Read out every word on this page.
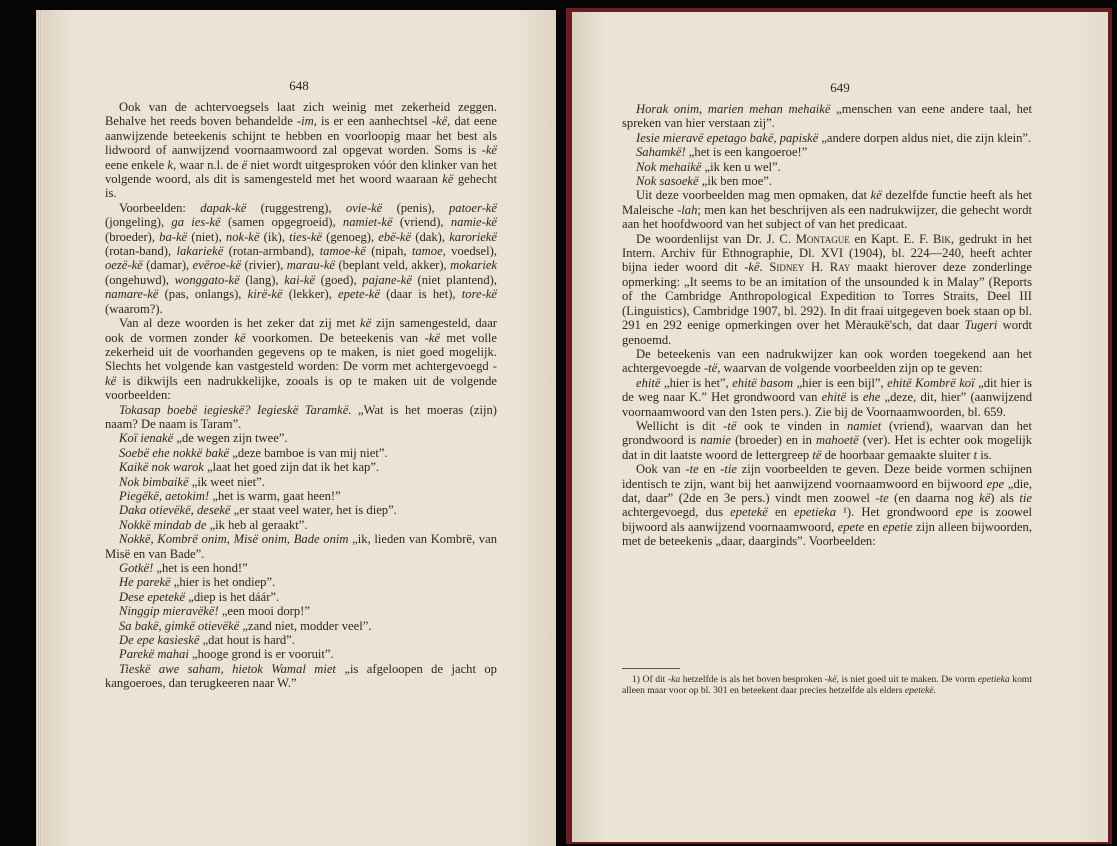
648

Ook van de achtervoegsels laat zich weinig met zekerheid zeggen. Behalve het reeds boven behandelde -im, is er een aanhechtsel -kë, dat eene aanwijzende beteekenis schijnt te hebben en voorloopig maar het best als lidwoord of aanwijzend voornaamwoord zal opgevat worden. Soms is -kë eene enkele k, waar n.l. de ë niet wordt uitgesproken vóór den klinker van het volgende woord, als dit is samengesteld met het woord waaraan kë gehecht is.

Voorbeelden: dapak-kë (ruggestreng), ovie-kë (penis), patoer-kë (jongeling), ga ies-kë (samen opgegroeid), namiet-kë (vriend), namie-kë (broeder), ba-kë (niet), nok-kë (ik), ties-kë (genoeg), ebë-kë (dak), karoriekë (rotan-band), lakariekë (rotan-armband), tamoe-kë (nipah, tamoe, voedsel), oezë-kë (damar), evëroe-kë (rivier), marau-kë (beplant veld, akker), mokariek (ongehuwd), wonggato-kë (lang), kai-kë (goed), pajane-kë (niet plantend), namare-kë (pas, onlangs), kirë-kë (lekker), epete-kë (daar is het), tore-kë (waarom?).

Van al deze woorden is het zeker dat zij met kë zijn samengesteld, daar ook de vormen zonder kë voorkomen. De beteekenis van -kë met volle zekerheid uit de voorhanden gegevens op te maken, is niet goed mogelijk. Slechts het volgende kan vastgesteld worden: De vorm met achtergevoegd -kë is dikwijls een nadrukkelijke, zooals is op te maken uit de volgende voorbeelden:

Tokasap boebë iegieskë? Iegieskë Taramkë. „Wat is het moeras (zijn) naam? De naam is Taram”.

Koï ienakë „de wegen zijn twee”.

Soebë ehe nokkë bakë „deze bamboe is van mij niet”.

Kaikë nok warok „laat het goed zijn dat ik het kap”.

Nok bimbaikë „ik weet niet”.

Piegëkë, aetokim! „het is warm, gaat heen!”

Daka otievëkë, desekë „er staat veel water, het is diep”.

Nokkë mindab de „ik heb al geraakt”.

Nokkë, Kombrë onim, Misë onim, Bade onim „ik, lieden van Kombrë, van Misë en van Bade”.

Gotkë! „het is een hond!”

He parekë „hier is het ondiep”.

Dese epetekë „diep is het dáár”.

Ninggip mieravëkë! „een mooi dorp!”

Sa bakë, gimkë otievëkë „zand niet, modder veel”.

De epe kasieskë „dat hout is hard”.

Parekë mahai „hooge grond is er vooruit”.

Tieskë awe saham, hietok Wamal miet „is afgeloopen de jacht op kangoeroes, dan terugkeeren naar W.”

649

Horak onim, marien mehan mehaikë „menschen van eene andere taal, het spreken van hier verstaan zij”.

Iesie mieravë epetago bakë, papiskë „andere dorpen aldus niet, die zijn klein”.

Sahamkë! „het is een kangoeroe!”

Nok mehaikë „ik ken u wel”.

Nok sasoekë „ik ben moe”.

Uit deze voorbeelden mag men opmaken, dat kë dezelfde functie heeft als het Maleische -lah; men kan het beschrijven als een nadrukwijzer, die gehecht wordt aan het hoofdwoord van het subject of van het predicaat.

De woordenlijst van Dr. J. C. Montague en Kapt. E. F. Bik, gedrukt in het Intern. Archiv für Ethnographie, Dl. XVI (1904), bl. 224—240, heeft achter bijna ieder woord dit -kë. Sidney H. Ray maakt hierover deze zonderlinge opmerking: „It seems to be an imitation of the unsounded k in Malay” (Reports of the Cambridge Anthropological Expedition to Torres Straits, Deel III (Linguistics), Cambridge 1907, bl. 292). In dit fraai uitgegeven boek staan op bl. 291 en 292 eenige opmerkingen over het Mèraukë'sch, dat daar Tugeri wordt genoemd.

De beteekenis van een nadrukwijzer kan ook worden toegekend aan het achtergevoegde -të, waarvan de volgende voorbeelden zijn op te geven:

ehitë „hier is het”, ehitë basom „hier is een bijl”, ehitë Kombrë koï „dit hier is de weg naar K.” Het grondwoord van ehitë is ehe „deze, dit, hier” (aanwijzend voornaamwoord van den 1sten pers.). Zie bij de Voornaamwoorden, bl. 659.

Wellicht is dit -të ook te vinden in namiet (vriend), waarvan dan het grondwoord is namie (broeder) en in mahoetë (ver). Het is echter ook mogelijk dat in dit laatste woord de lettergreep të de hoorbaar gemaakte sluiter t is.

Ook van -te en -tie zijn voorbeelden te geven. Deze beide vormen schijnen identisch te zijn, want bij het aanwijzend voornaamwoord en bijwoord epe „die, dat, daar” (2de en 3e pers.) vindt men zoowel -te (en daarna nog kë) als tie achtergevoegd, dus epetekë en epetieka ¹). Het grondwoord epe is zoowel bijwoord als aanwijzend voornaamwoord, epete en epetie zijn alleen bijwoorden, met de beteekenis „daar, daarginds”. Voorbeelden:

1) Of dit -ka hetzelfde is als het boven besproken -kë, is niet goed uit te maken. De vorm epetieka komt alleen maar voor op bl. 301 en beteekent daar precies hetzelfde als elders epetekë.
